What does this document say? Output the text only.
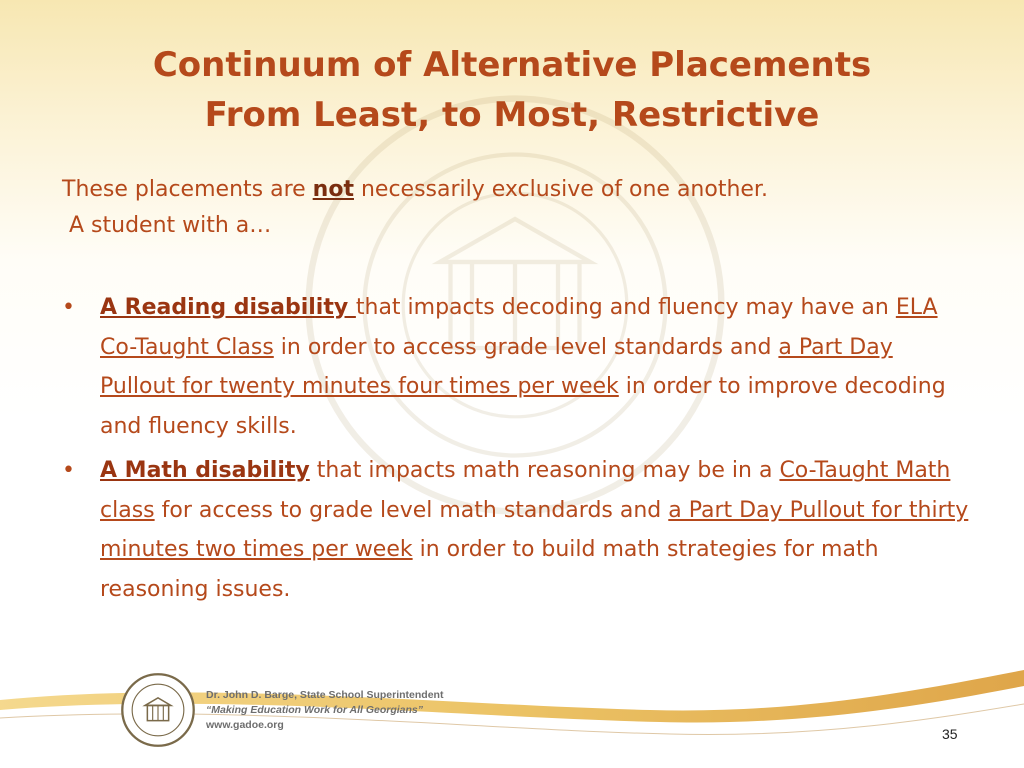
Continuum of Alternative Placements
From Least, to Most, Restrictive
These placements are not necessarily exclusive of one another.
A student with a…
• A Reading disability that impacts decoding and fluency may have an ELA Co-Taught Class in order to access grade level standards and a Part Day Pullout for twenty minutes four times per week in order to improve decoding and fluency skills.
• A Math disability that impacts math reasoning may be in a Co-Taught Math class for access to grade level math standards and a Part Day Pullout for thirty minutes two times per week in order to build math strategies for math reasoning issues.
Dr. John D. Barge, State School Superintendent
“Making Education Work for All Georgians”
www.gadoe.org
35
